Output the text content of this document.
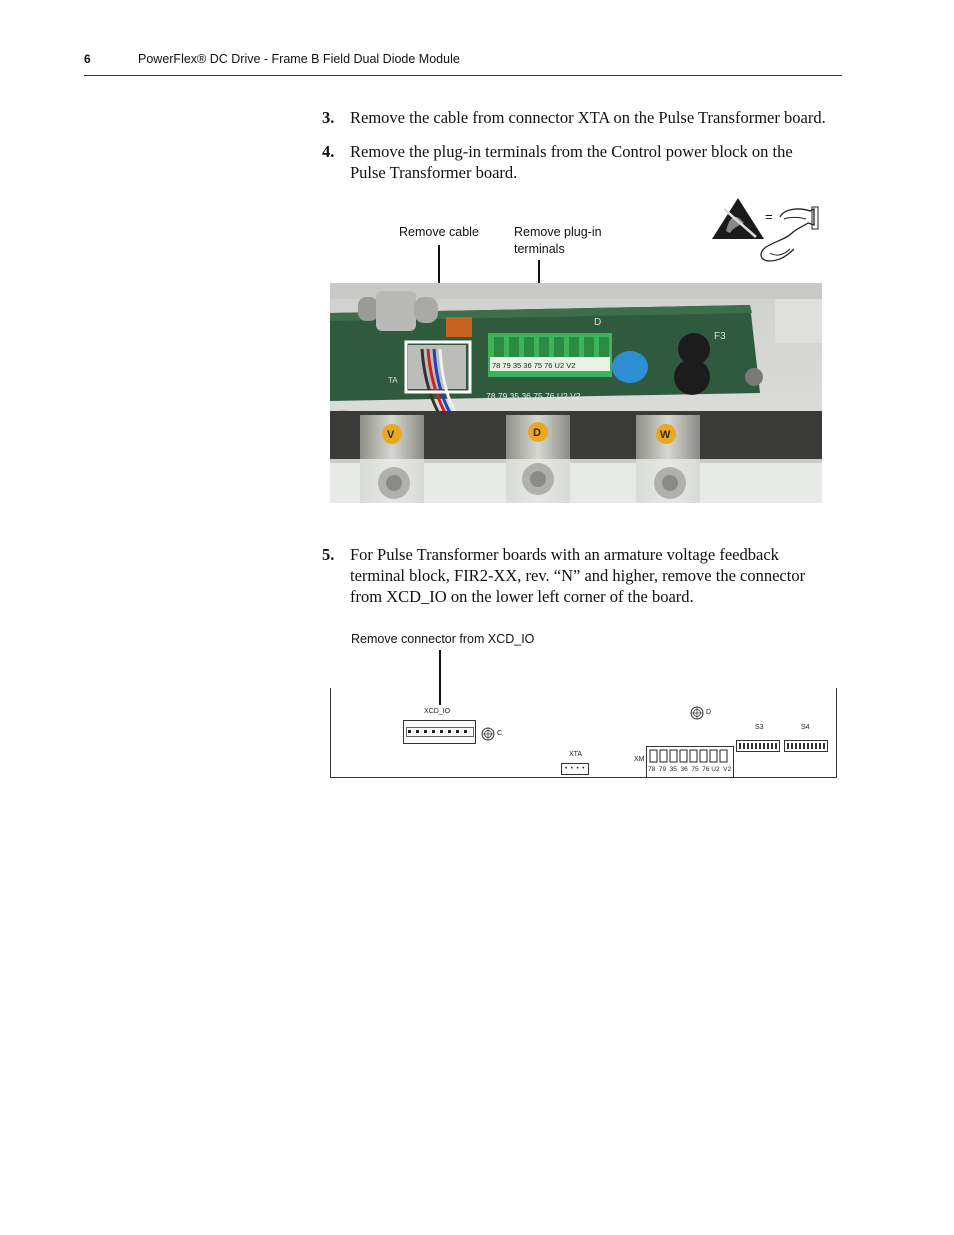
6	PowerFlex® DC Drive - Frame B Field Dual Diode Module
3. Remove the cable from connector XTA on the Pulse Transformer board.
4. Remove the plug-in terminals from the Control power block on the Pulse Transformer board.
Remove cable	Remove plug-in
terminals
=
78 79 35 36 75 76 U2 V2
78 79 35 36 75 76 U2 V2
D
F3
TA
V	D	W
5. For Pulse Transformer boards with an armature voltage feedback terminal block, FIR2-XX, rev. “N” and higher, remove the connector from XCD_IO on the lower left corner of the board.
Remove connector from XCD_IO
XCD_IO
C
D
XTA
• • • •
XM
78  79  35  36  75  76 U2  V2
S3	S4
